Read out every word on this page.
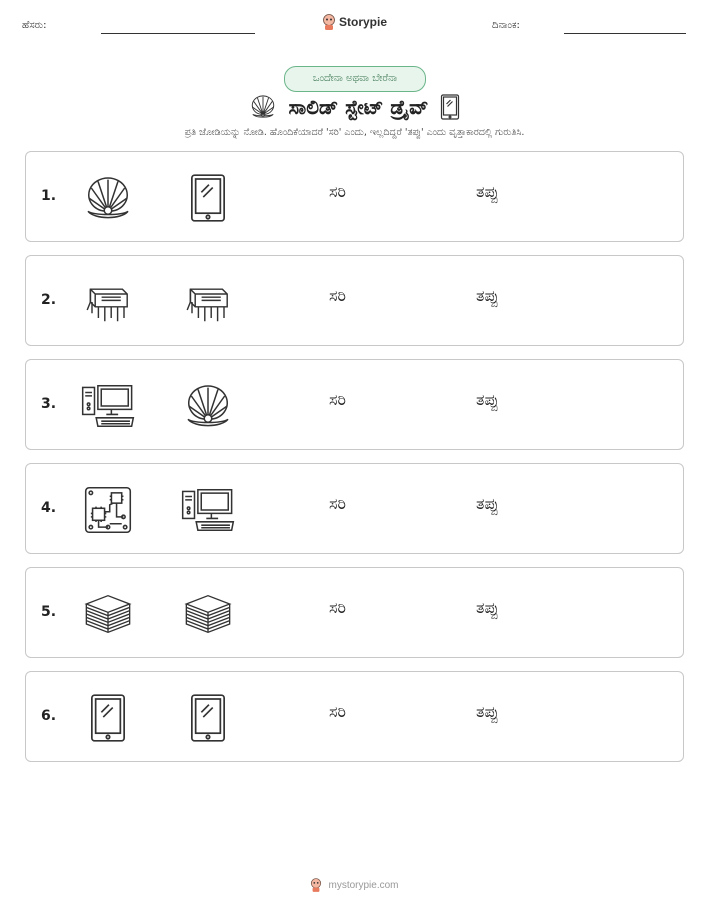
ಹೆಸರು:	Storypie	ದಿನಾಂಕ:
ಒಂದೇನಾ ಅಥವಾ ಬೇರೆನಾ
ಸಾಲಿಡ್ ಸ್ಟೇಟ್ ಡ್ರೈವ್
ಪ್ರತಿ ಜೋಡಿಯನ್ನು ನೋಡಿ. ಹೊಂದಿಕೆಯಾದರೆ 'ಸರಿ' ಎಂದು, ಇಲ್ಲದಿದ್ದರೆ 'ತಪ್ಪು' ಎಂದು ವೃತ್ತಾಕಾರದಲ್ಲಿ ಗುರುತಿಸಿ.
1.	ಸರಿ	ತಪ್ಪು
2.	ಸರಿ	ತಪ್ಪು
3.	ಸರಿ	ತಪ್ಪು
4.	ಸರಿ	ತಪ್ಪು
5.	ಸರಿ	ತಪ್ಪು
6.	ಸರಿ	ತಪ್ಪು
mystorypie.com
